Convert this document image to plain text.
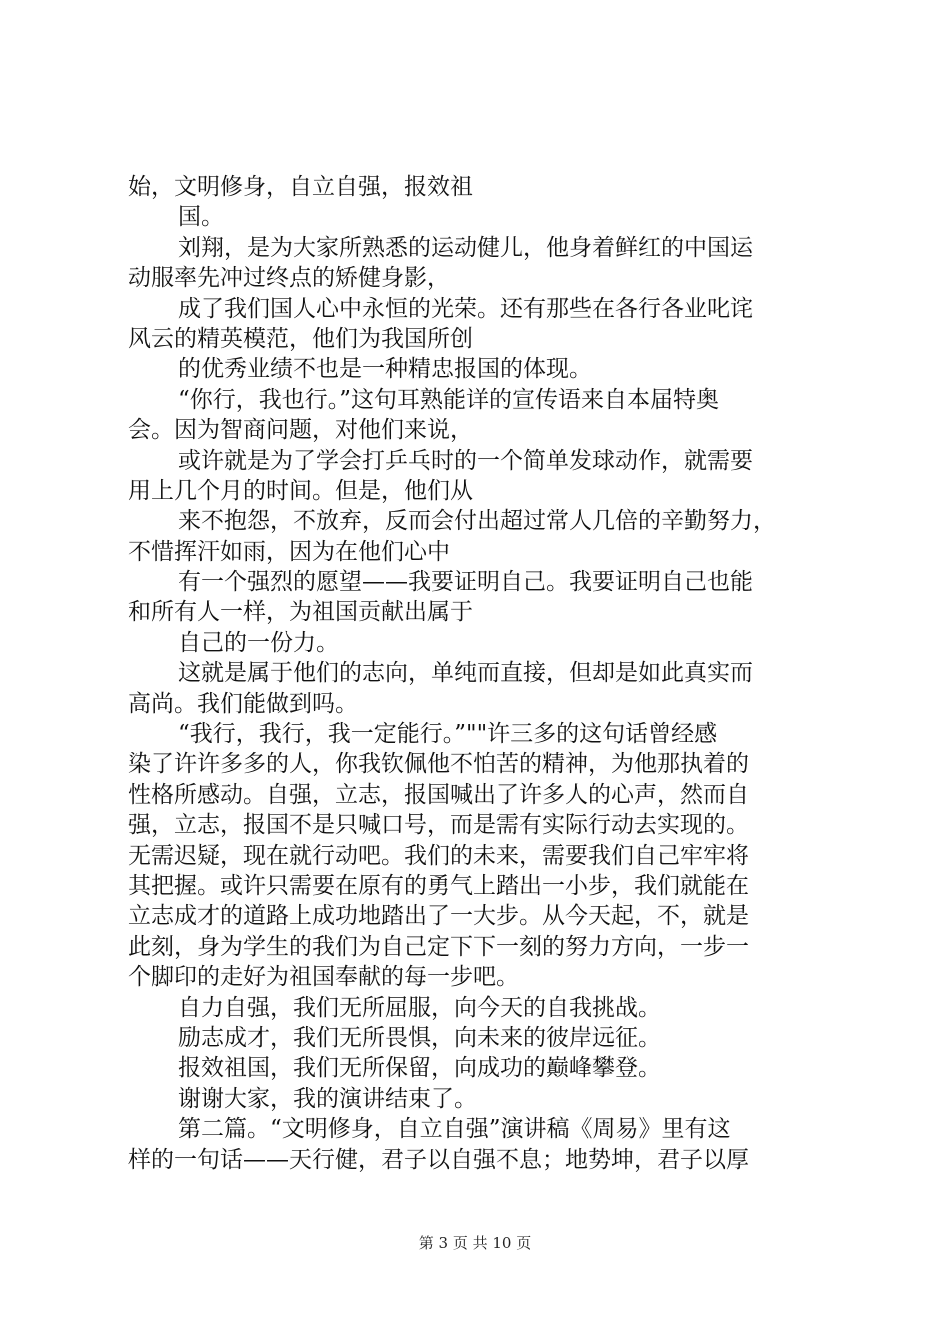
始，文明修身，自立自强，报效祖
国。
刘翔，是为大家所熟悉的运动健儿，他身着鲜红的中国运
动服率先冲过终点的矫健身影，
成了我们国人心中永恒的光荣。还有那些在各行各业叱诧
风云的精英模范，他们为我国所创
的优秀业绩不也是一种精忠报国的体现。
“你行，我也行。”这句耳熟能详的宣传语来自本届特奥
会。因为智商问题，对他们来说，
或许就是为了学会打乒乓时的一个简单发球动作，就需要
用上几个月的时间。但是，他们从
来不抱怨，不放弃，反而会付出超过常人几倍的辛勤努力，
不惜挥汗如雨，因为在他们心中
有一个强烈的愿望——我要证明自己。我要证明自己也能
和所有人一样，为祖国贡献出属于
自己的一份力。
这就是属于他们的志向，单纯而直接，但却是如此真实而
高尚。我们能做到吗。
“我行，我行，我一定能行。”""许三多的这句话曾经感
染了许许多多的人，你我钦佩他不怕苦的精神，为他那执着的
性格所感动。自强，立志，报国喊出了许多人的心声，然而自
强，立志，报国不是只喊口号，而是需有实际行动去实现的。
无需迟疑，现在就行动吧。我们的未来，需要我们自己牢牢将
其把握。或许只需要在原有的勇气上踏出一小步，我们就能在
立志成才的道路上成功地踏出了一大步。从今天起，不，就是
此刻，身为学生的我们为自己定下下一刻的努力方向，一步一
个脚印的走好为祖国奉献的每一步吧。
自力自强，我们无所屈服，向今天的自我挑战。
励志成才，我们无所畏惧，向未来的彼岸远征。
报效祖国，我们无所保留，向成功的巅峰攀登。
谢谢大家，我的演讲结束了。
第二篇。“文明修身，自立自强”演讲稿《周易》里有这
样的一句话——天行健，君子以自强不息；地势坤，君子以厚
第 3 页 共 10 页
